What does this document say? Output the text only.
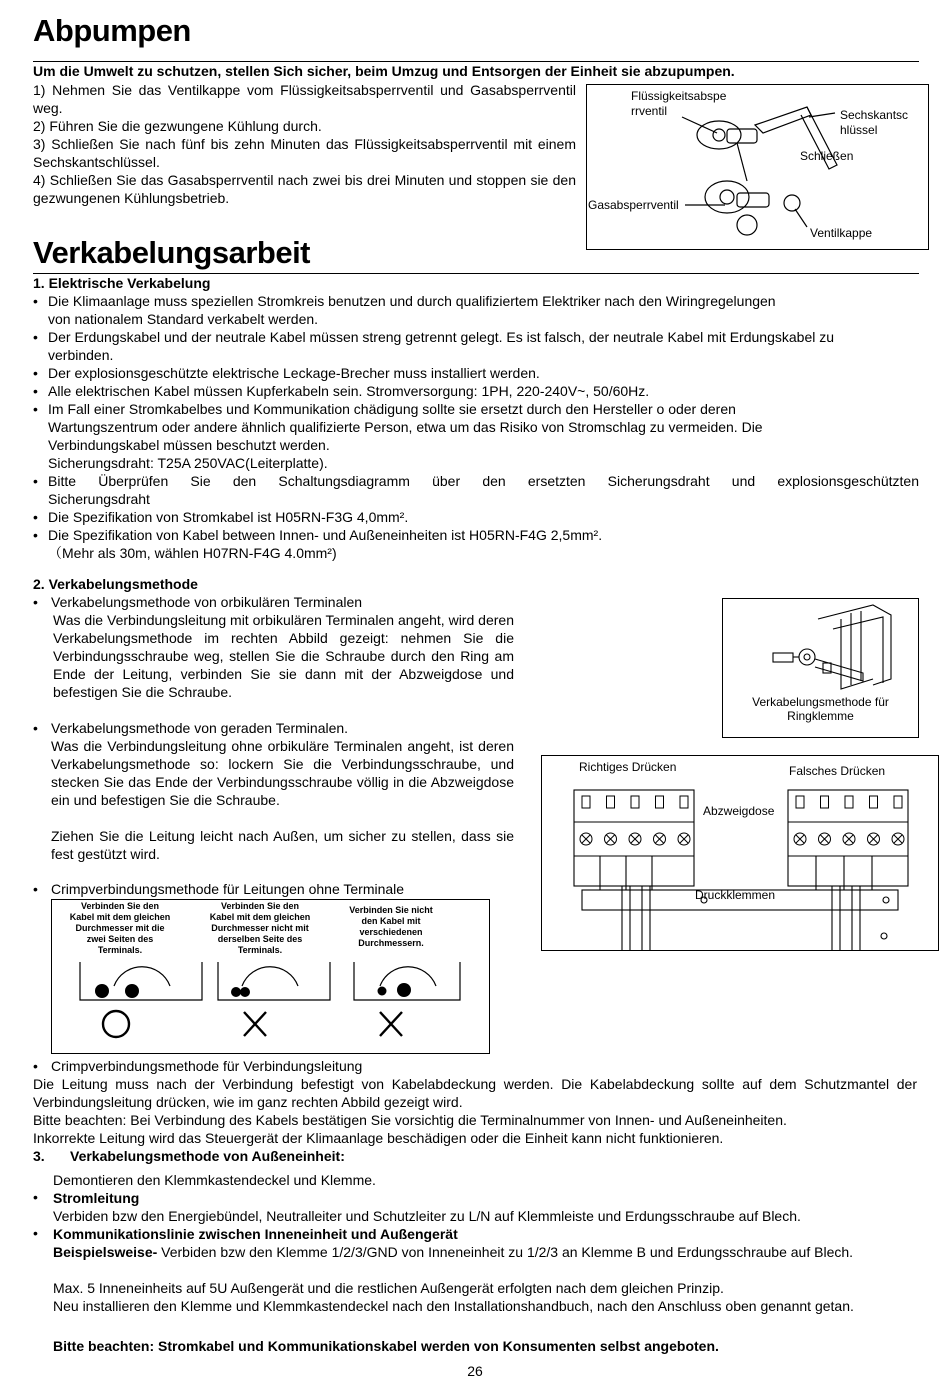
Abpumpen
Um die Umwelt zu schutzen, stellen Sich sicher, beim Umzug und Entsorgen der Einheit sie abzupumpen.
1) Nehmen Sie das Ventilkappe vom Flüssigkeitsabsperrventil und Gasabsperrventil weg.
2) Führen Sie die gezwungene Kühlung durch.
3) Schließen Sie nach fünf bis zehn Minuten das Flüssigkeitsabsperrventil mit einem Sechskantschlüssel.
4) Schließen Sie das Gasabsperrventil nach zwei bis drei Minuten und stoppen sie den gezwungenen Kühlungsbetrieb.
Flüssigkeitsabspe
rrventil	Sechskantsc
hlüssel
Schließen
Gasabsperrventil
Ventilkappe
Verkabelungsarbeit
1. Elektrische Verkabelung
• Die Klimaanlage muss speziellen Stromkreis benutzen und durch qualifiziertem Elektriker nach den Wiringregelungen
von nationalem Standard verkabelt werden.
• Der Erdungskabel und der neutrale Kabel müssen streng getrennt gelegt. Es ist falsch, der neutrale Kabel mit Erdungskabel zu
verbinden.
• Der explosionsgeschützte elektrische Leckage-Brecher muss installiert werden.
• Alle elektrischen Kabel müssen Kupferkabeln sein. Stromversorgung: 1PH, 220-240V~, 50/60Hz.
• Im Fall einer Stromkabelbes und Kommunikation chädigung sollte sie ersetzt durch den Hersteller o oder deren
Wartungszentrum oder andere ähnlich qualifizierte Person, etwa um das Risiko von Stromschlag zu vermeiden. Die
Verbindungskabel müssen beschutzt werden.
Sicherungsdraht: T25A 250VAC(Leiterplatte).
• Bitte Überprüfen Sie den Schaltungsdiagramm über den ersetzten Sicherungsdraht und explosionsgeschützten
Sicherungsdraht
• Die Spezifikation von Stromkabel ist H05RN-F3G 4,0mm².
• Die Spezifikation von Kabel between Innen- und Außeneinheiten ist H05RN-F4G 2,5mm².
（Mehr als 30m, wählen H07RN-F4G 4.0mm²)
2. Verkabelungsmethode
• Verkabelungsmethode von orbikulären Terminalen
Was die Verbindungsleitung mit orbikulären Terminalen angeht, wird deren Verkabelungsmethode im rechten Abbild gezeigt: nehmen Sie die Verbindungsschraube weg, stellen Sie die Schraube durch den Ring am Ende der Leitung, verbinden Sie sie dann mit der Abzweigdose und befestigen Sie die Schraube.
Verkabelungsmethode für
Ringklemme
• Verkabelungsmethode von geraden Terminalen.
Was die Verbindungsleitung ohne orbikuläre Terminalen angeht, ist deren Verkabelungsmethode so: lockern Sie die Verbindungsschraube, und stecken Sie das Ende der Verbindungsschraube völlig in die Abzweigdose ein und befestigen Sie die Schraube.
Ziehen Sie die Leitung leicht nach Außen, um sicher zu stellen, dass sie fest gestützt wird.
Richtiges Drücken	Falsches Drücken
Abzweigdose
Druckklemmen
• Crimpverbindungsmethode für Leitungen ohne Terminale
Verbinden Sie den
Kabel mit dem gleichen
Durchmesser mit die
zwei Seiten des
Terminals.
Verbinden Sie den
Kabel mit dem gleichen
Durchmesser nicht mit
derselben Seite des
Terminals.
Verbinden Sie nicht
den Kabel mit
verschiedenen
Durchmessern.
• Crimpverbindungsmethode für Verbindungsleitung
Die Leitung muss nach der Verbindung befestigt von Kabelabdeckung werden. Die Kabelabdeckung sollte auf dem Schutzmantel der Verbindungsleitung drücken, wie im ganz rechten Abbild gezeigt wird.
Bitte beachten: Bei Verbindung des Kabels bestätigen Sie vorsichtig die Terminalnummer von Innen- und Außeneinheiten.
Inkorrekte Leitung wird das Steuergerät der Klimaanlage beschädigen oder die Einheit kann nicht funktionieren.
3. Verkabelungsmethode von Außeneinheit:
Demontieren den Klemmkastendeckel und Klemme.
• Stromleitung
Verbiden bzw den Energiebündel, Neutralleiter und Schutzleiter zu L/N auf Klemmleiste und Erdungsschraube auf Blech.
• Kommunikationslinie zwischen Inneneinheit und Außengerät
Beispielsweise- Verbiden bzw den Klemme 1/2/3/GND von Inneneinheit zu 1/2/3 an Klemme B und Erdungsschraube auf Blech.
Max. 5 Inneneinheits auf 5U Außengerät und die restlichen Außengerät erfolgten nach dem gleichen Prinzip.
Neu installieren den Klemme und Klemmkastendeckel nach den Installationshandbuch, nach den Anschluss oben genannt getan.
Bitte beachten: Stromkabel und Kommunikationskabel werden von Konsumenten selbst angeboten.
26
